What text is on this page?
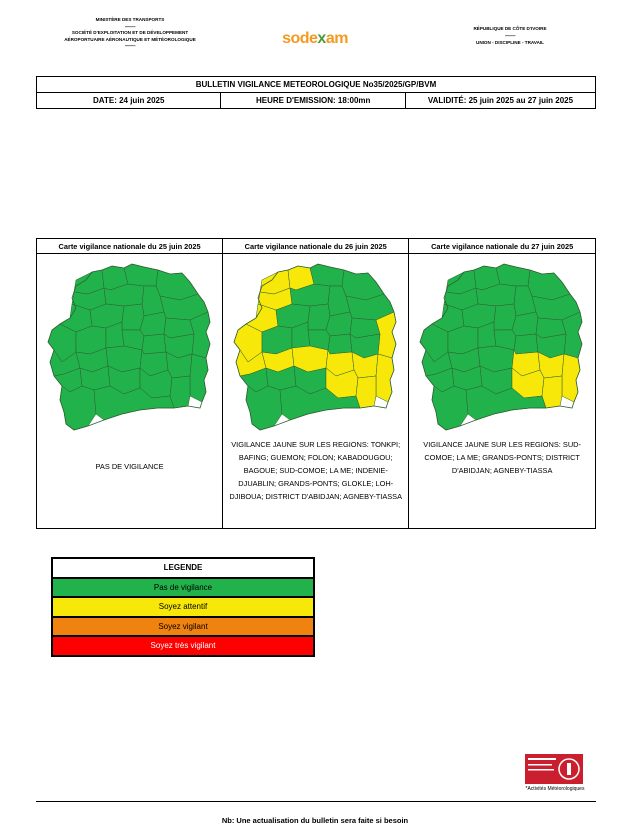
MINISTÈRE DES TRANSPORTS
----------
SOCIÉTÉ D'EXPLOITATION ET DE DÉVELOPPEMENT
AÉROPORTUAIRE AÉRONAUTIQUE ET MÉTÉOROLOGIQUE
----------	sodexam
RÉPUBLIQUE DE CÔTE D'IVOIRE
----------
UNION - DISCIPLINE - TRAVAIL
BULLETIN VIGILANCE METEOROLOGIQUE No35/2025/GP/BVM
DATE: 24 juin 2025	HEURE D'EMISSION: 18:00mn	VALIDITÉ: 25 juin 2025 au 27 juin 2025
Carte vigilance nationale du 25 juin 2025	Carte vigilance nationale du 26 juin 2025	Carte vigilance nationale du 27 juin 2025

PAS DE VIGILANCE	VIGILANCE JAUNE SUR LES REGIONS: TONKPI; BAFING; GUEMON; FOLON; KABADOUGOU; BAGOUE; SUD-COMOE; LA ME; INDENIE-DJUABLIN; GRANDS-PONTS; GLOKLE; LOH-DJIBOUA; DISTRICT D'ABIDJAN; AGNEBY-TIASSA	VIGILANCE JAUNE SUR LES REGIONS: SUD-COMOE; LA ME; GRANDS-PONTS; DISTRICT D'ABIDJAN; AGNEBY-TIASSA
LEGENDE
Pas de vigilance
Soyez attentif
Soyez vigilant
Soyez très vigilant
*Activités Météorologiques
Nb: Une actualisation du bulletin sera faite si besoin
